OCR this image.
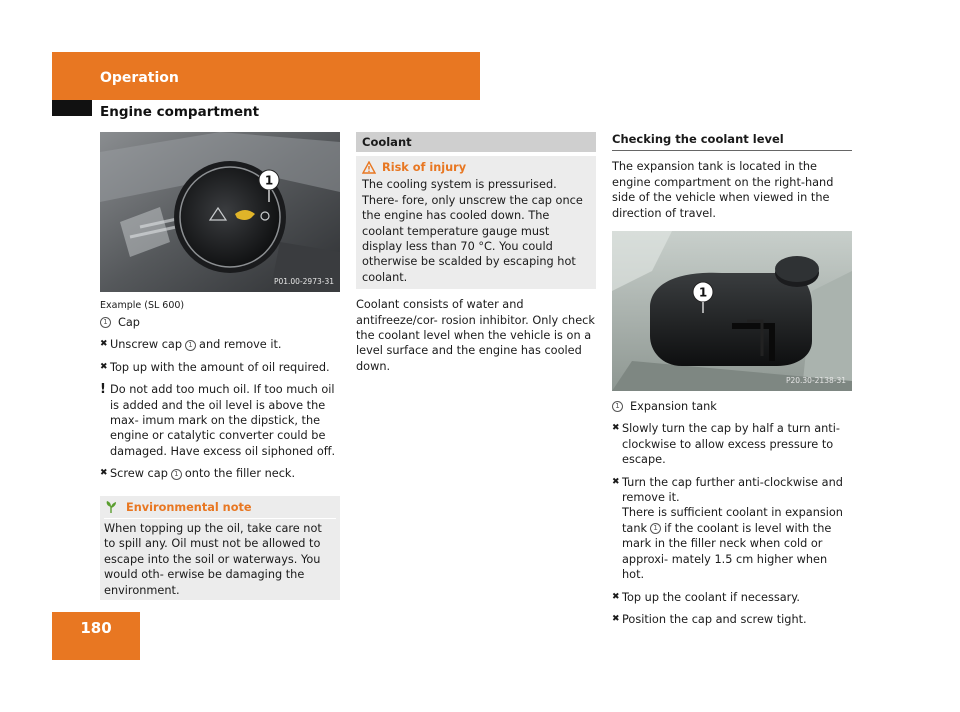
Operation
Engine compartment
1
P01.00-2973-31
Example (SL 600)
1 Cap
✖ Unscrew cap 1 and remove it.
✖ Top up with the amount of oil required.
! Do not add too much oil. If too much oil is added and the oil level is above the max- imum mark on the dipstick, the engine or catalytic converter could be damaged. Have excess oil siphoned off.
✖ Screw cap 1 onto the filler neck.
Environmental note
When topping up the oil, take care not to spill any. Oil must not be allowed to escape into the soil or waterways. You would oth- erwise be damaging the environment.
Coolant
Risk of injury
The cooling system is pressurised. There- fore, only unscrew the cap once the engine has cooled down. The coolant temperature gauge must display less than 70 °C. You could otherwise be scalded by escaping hot coolant.
Coolant consists of water and antifreeze/cor- rosion inhibitor. Only check the coolant level when the vehicle is on a level surface and the engine has cooled down.
Checking the coolant level
The expansion tank is located in the engine compartment on the right-hand side of the vehicle when viewed in the direction of travel.
1
P20.30-2138-31
1 Expansion tank
✖ Slowly turn the cap by half a turn anti- clockwise to allow excess pressure to escape.
✖ Turn the cap further anti-clockwise and remove it.
There is sufficient coolant in expansion tank 1 if the coolant is level with the mark in the filler neck when cold or approxi- mately 1.5 cm higher when hot.
✖ Top up the coolant if necessary.
✖ Position the cap and screw tight.
180
